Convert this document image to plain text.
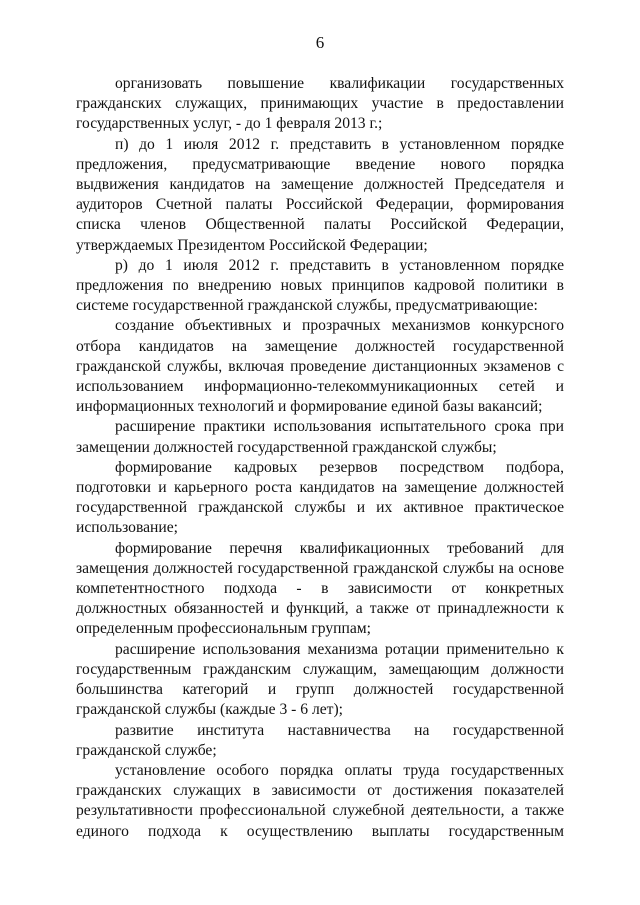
6

организовать повышение квалификации государственных гражданских служащих, принимающих участие в предоставлении государственных услуг, - до 1 февраля 2013 г.;

п) до 1 июля 2012 г. представить в установленном порядке предложения, предусматривающие введение нового порядка выдвижения кандидатов на замещение должностей Председателя и аудиторов Счетной палаты Российской Федерации, формирования списка членов Общественной палаты Российской Федерации, утверждаемых Президентом Российской Федерации;

р) до 1 июля 2012 г. представить в установленном порядке предложения по внедрению новых принципов кадровой политики в системе государственной гражданской службы, предусматривающие:

создание объективных и прозрачных механизмов конкурсного отбора кандидатов на замещение должностей государственной гражданской службы, включая проведение дистанционных экзаменов с использованием информационно-телекоммуникационных сетей и информационных технологий и формирование единой базы вакансий;

расширение практики использования испытательного срока при замещении должностей государственной гражданской службы;

формирование кадровых резервов посредством подбора, подготовки и карьерного роста кандидатов на замещение должностей государственной гражданской службы и их активное практическое использование;

формирование перечня квалификационных требований для замещения должностей государственной гражданской службы на основе компетентностного подхода - в зависимости от конкретных должностных обязанностей и функций, а также от принадлежности к определенным профессиональным группам;

расширение использования механизма ротации применительно к государственным гражданским служащим, замещающим должности большинства категорий и групп должностей государственной гражданской службы (каждые 3 - 6 лет);

развитие института наставничества на государственной гражданской службе;

установление особого порядка оплаты труда государственных гражданских служащих в зависимости от достижения показателей результативности профессиональной служебной деятельности, а также единого подхода к осуществлению выплаты государственным
